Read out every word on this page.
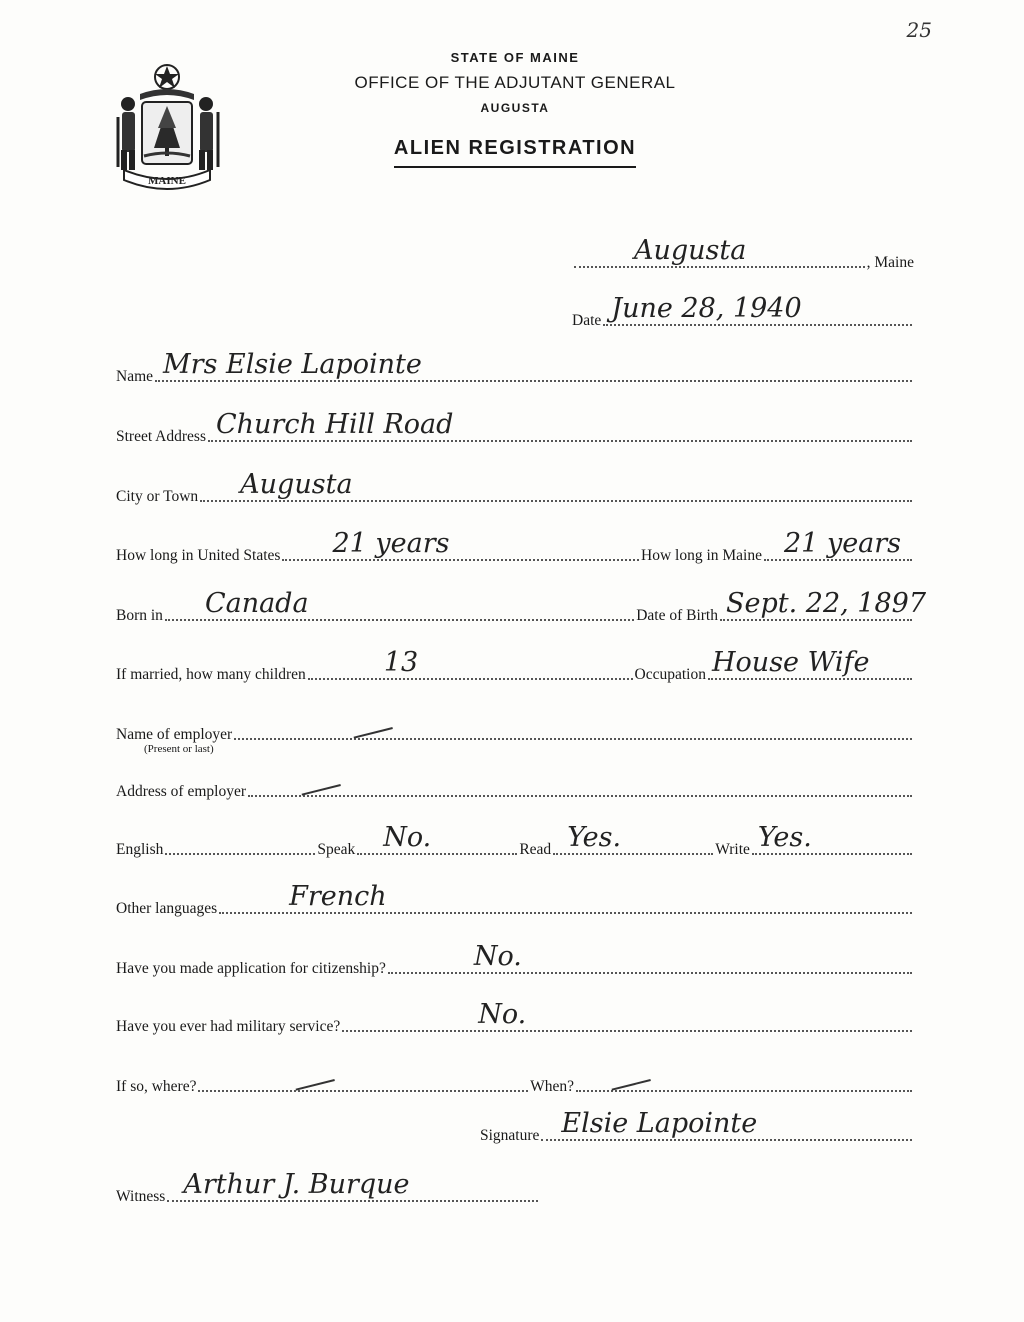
25
MAINE
STATE OF MAINE
OFFICE OF THE ADJUTANT GENERAL
AUGUSTA
ALIEN REGISTRATION
Augusta	, Maine
Date June 28, 1940
Name Mrs Elsie Lapointe
Street Address Church Hill Road
City or Town Augusta
How long in United States 21 years	How long in Maine 21 years
Born in Canada	Date of Birth Sept. 22, 1897
If married, how many children	13	Occupation House Wife
Name of employer
(Present or last)
Address of employer
English	Speak No.	Read Yes.	Write Yes.
Other languages	French
Have you made application for citizenship?	No.
Have you ever had military service?	No.
If so, where?	When?
Signature Elsie Lapointe
Witness Arthur J. Burque
